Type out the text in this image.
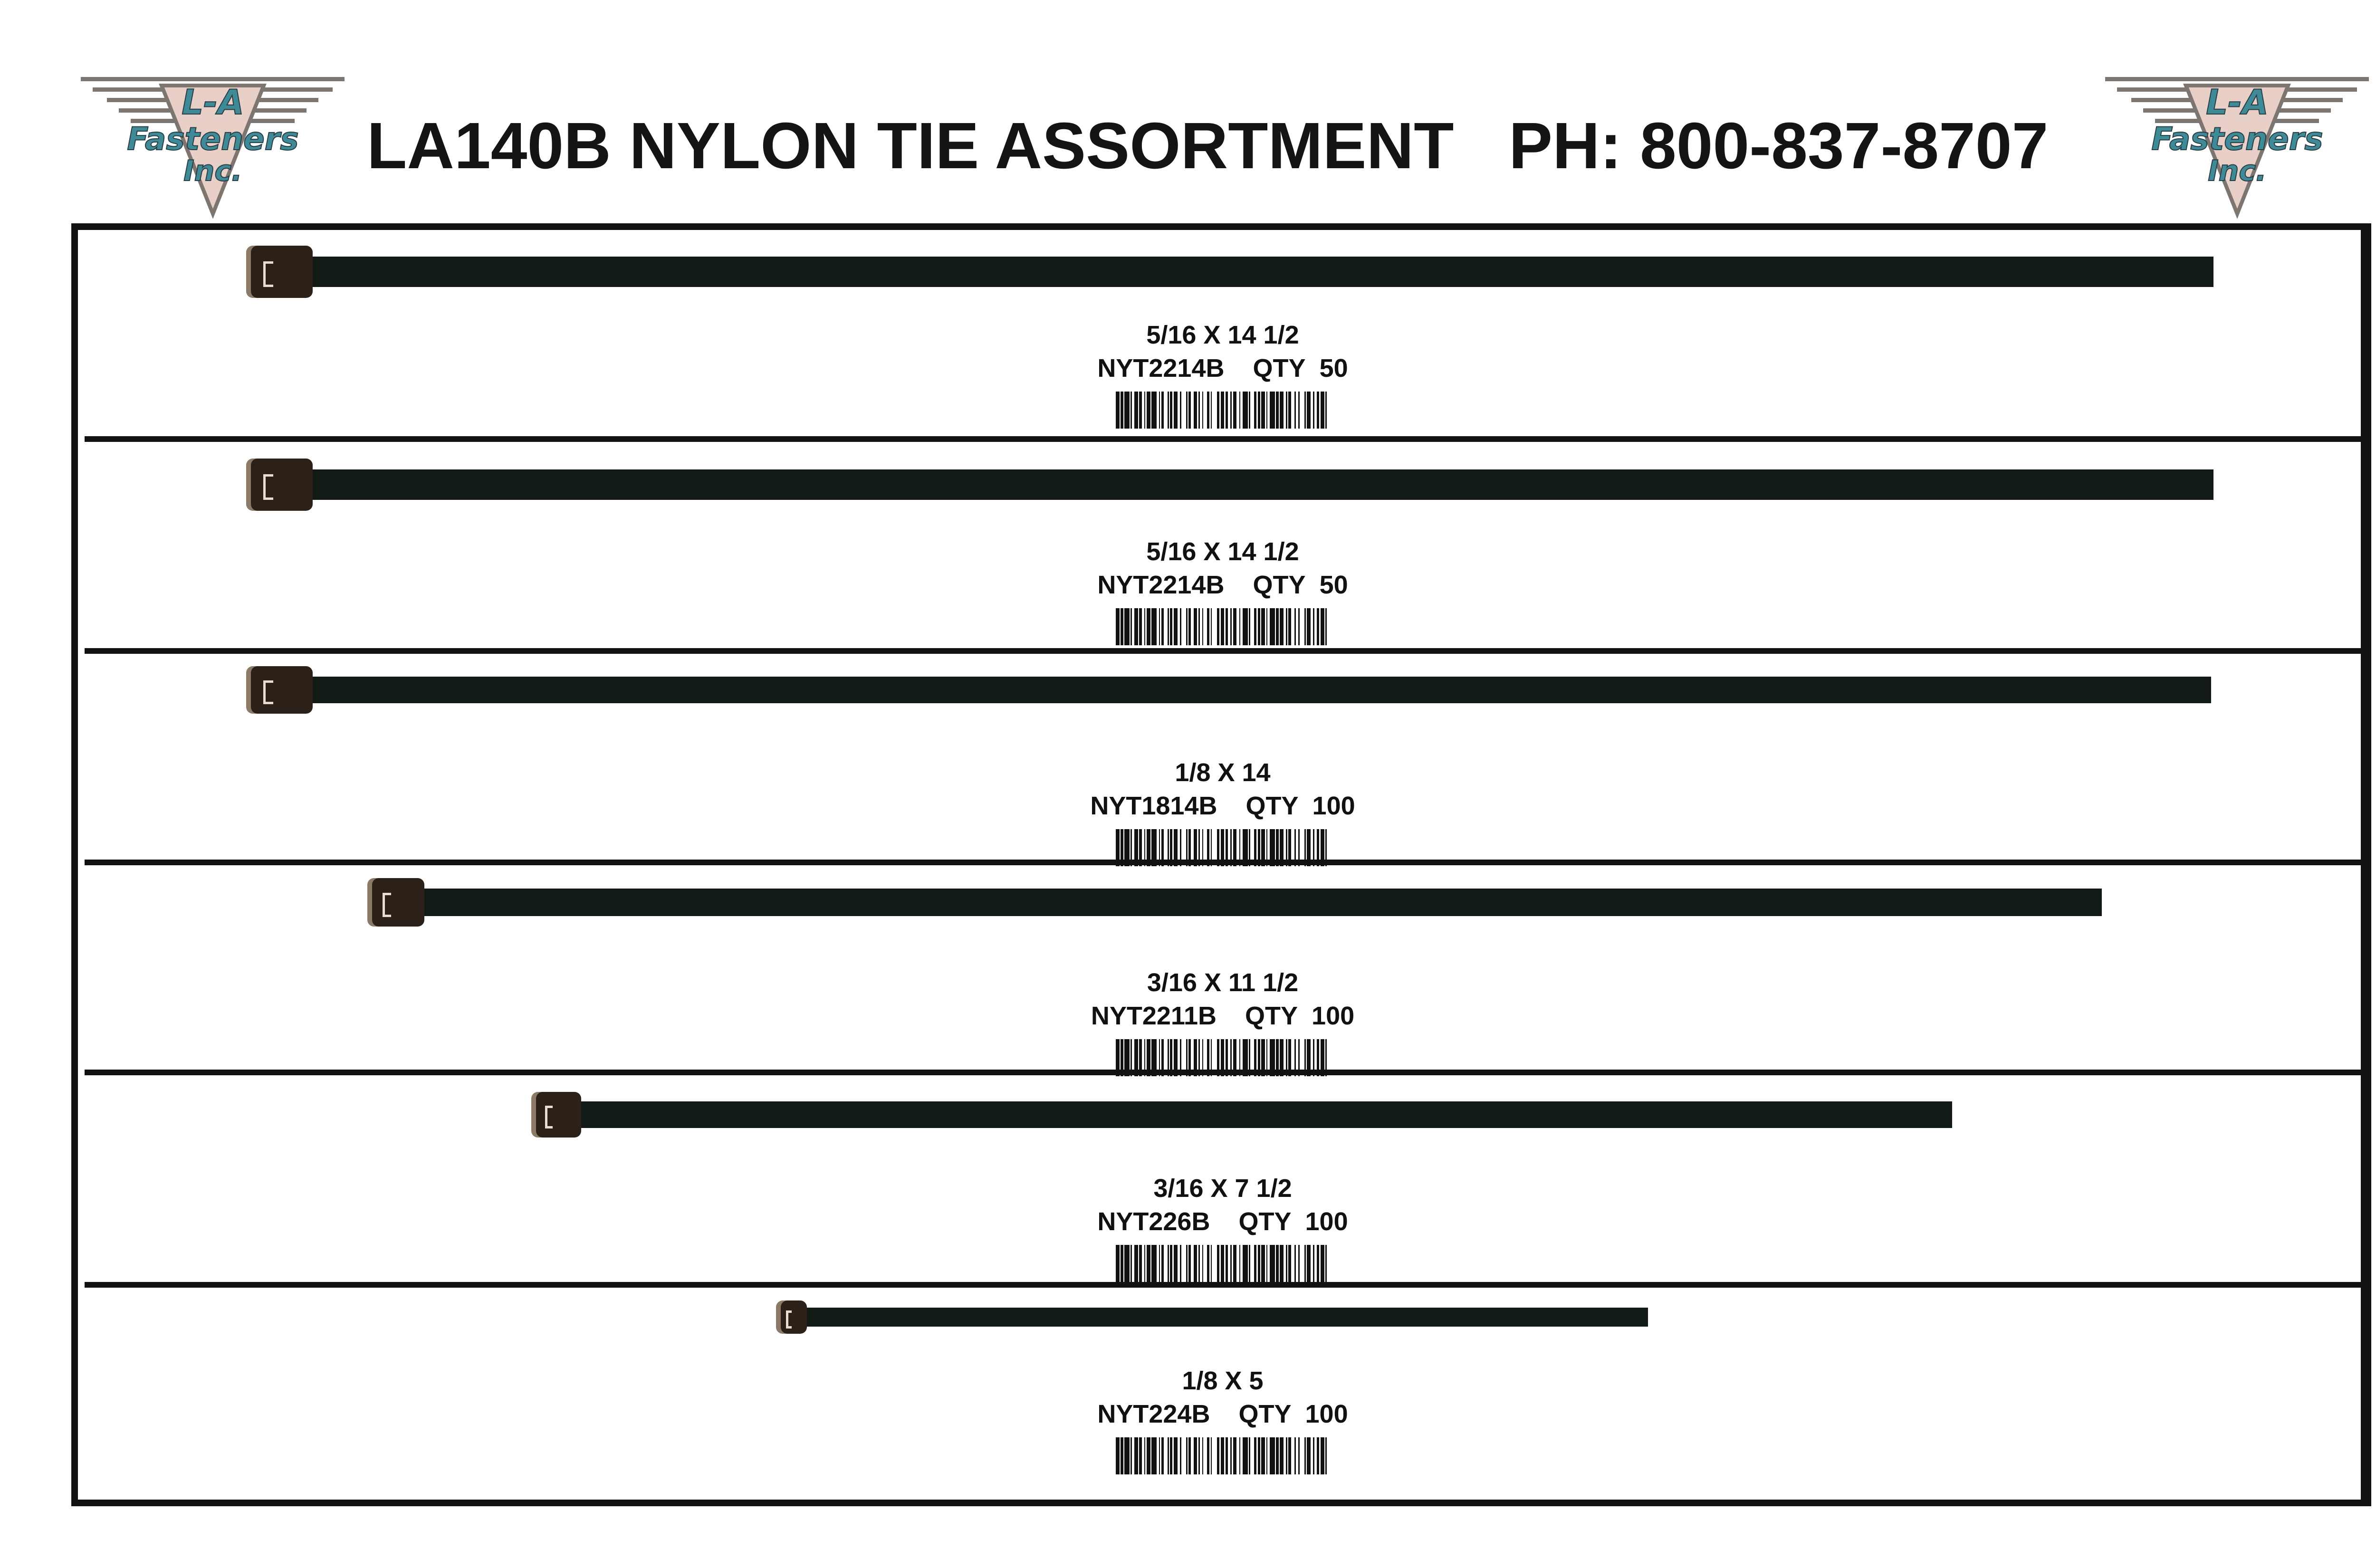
L-A
Fasteners
Inc. LA140B NYLON TIE ASSORTMENT PH: 800-837-8707
L-A
Fasteners
Inc.
5/16 X 14 1/2
NYT2214B QTY 50
5/16 X 14 1/2
NYT2214B QTY 50
1/8 X 14
NYT1814B QTY 100
3/16 X 11 1/2
NYT2211B QTY 100
3/16 X 7 1/2
NYT226B QTY 100
1/8 X 5
NYT224B QTY 100
